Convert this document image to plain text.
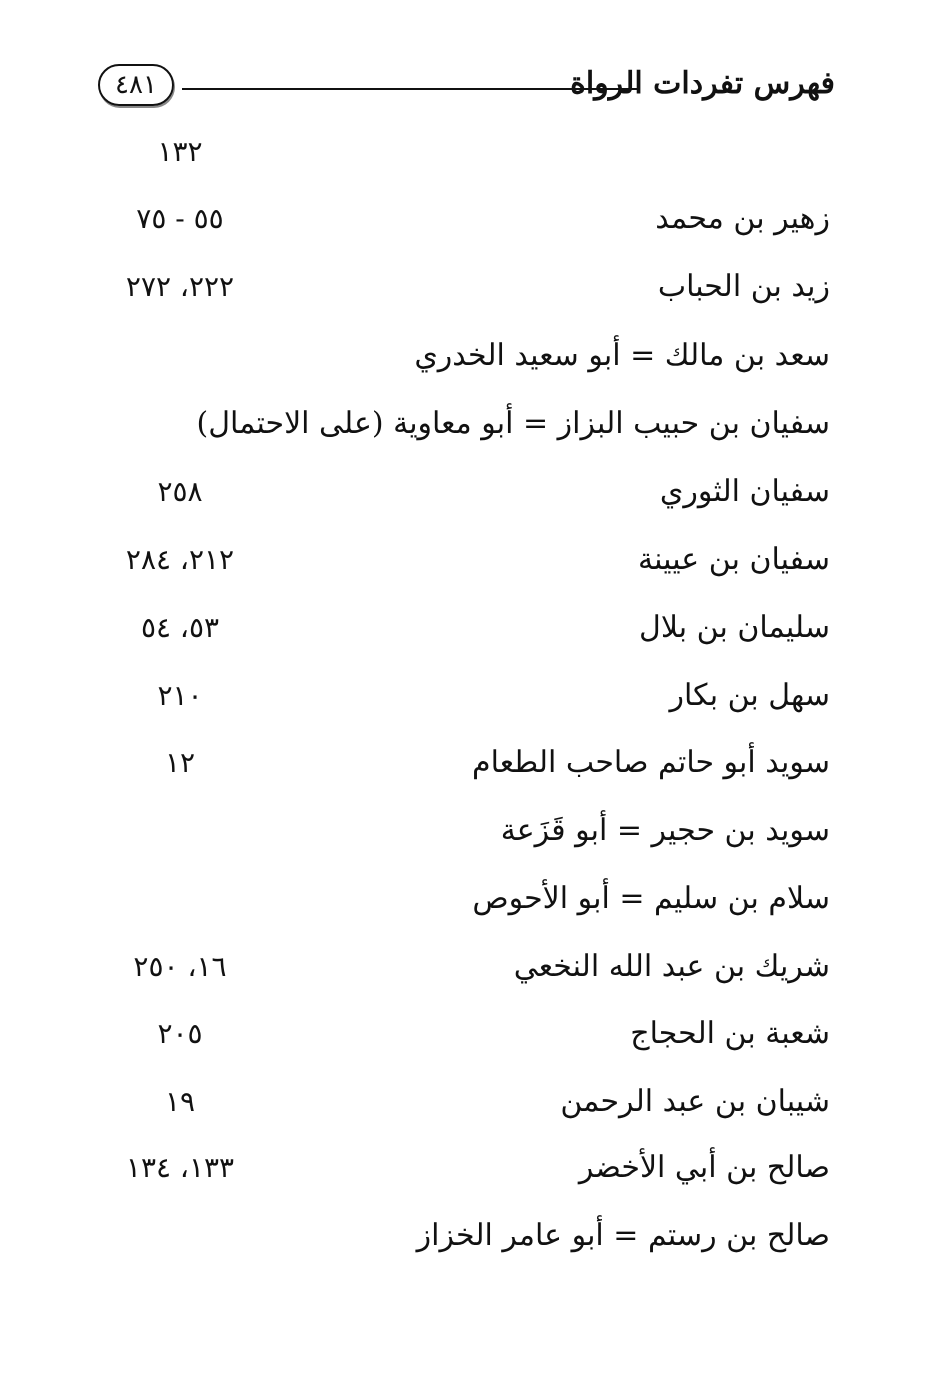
٤٨١	فهرس تفردات الرواة
١٣٢
زهير بن محمد
٥٥ - ٧٥
زيد بن الحباب
٢٢٢، ٢٧٢
سعد بن مالك = أبو سعيد الخدري
سفيان بن حبيب البزاز = أبو معاوية (على الاحتمال)
سفيان الثوري
٢٥٨
سفيان بن عيينة
٢١٢، ٢٨٤
سليمان بن بلال
٥٣، ٥٤
سهل بن بكار
٢١٠
سويد أبو حاتم صاحب الطعام
١٢
سويد بن حجير = أبو قَزَعة
سلام بن سليم = أبو الأحوص
شريك بن عبد الله النخعي
١٦، ٢٥٠
شعبة بن الحجاج
٢٠٥
شيبان بن عبد الرحمن
١٩
صالح بن أبي الأخضر
١٣٣، ١٣٤
صالح بن رستم = أبو عامر الخزاز
